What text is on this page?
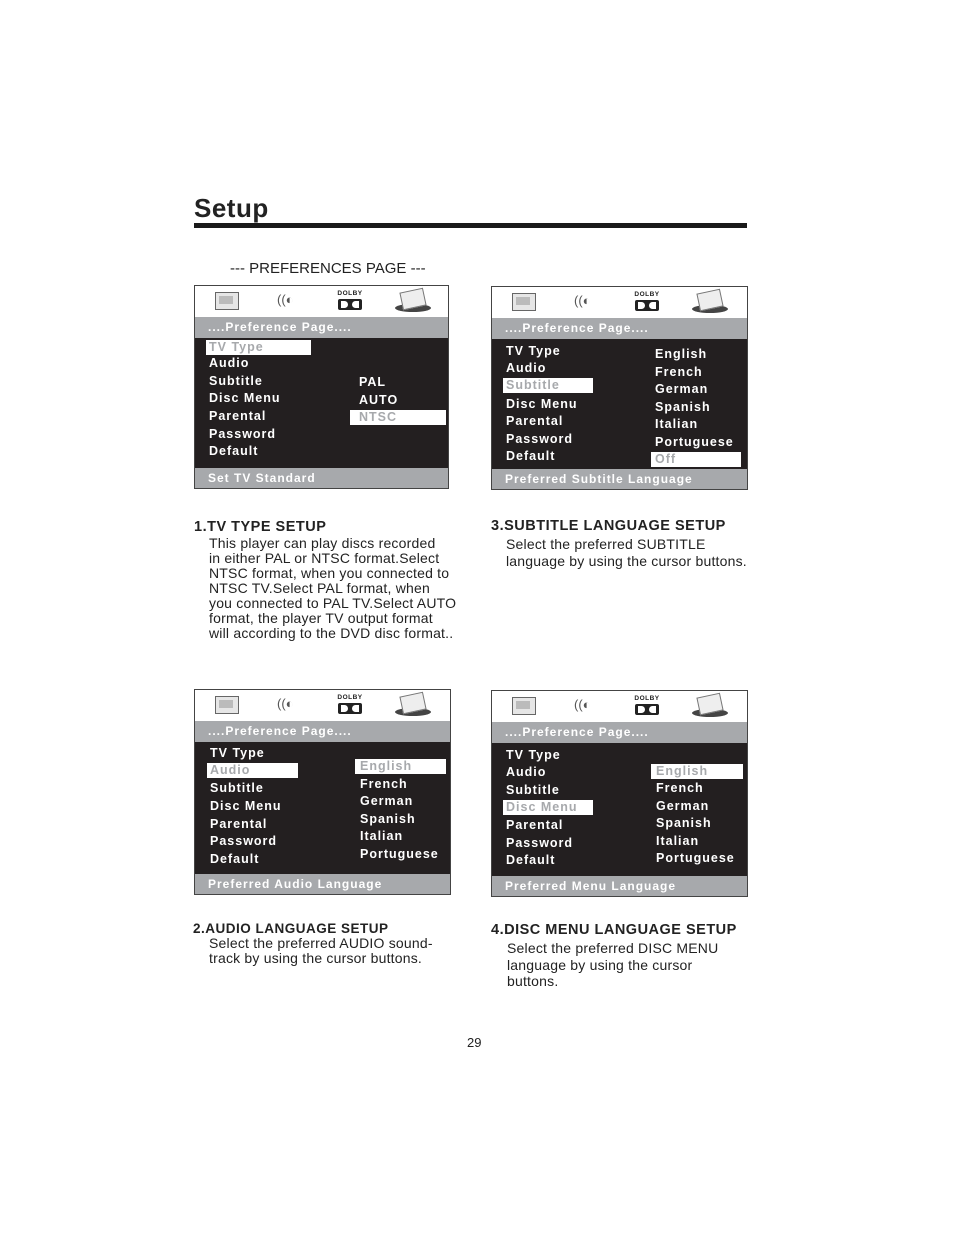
Setup
--- PREFERENCES PAGE ---
((◐	DOLBY
....Preference Page....
TV Type
Audio
Subtitle
Disc Menu
Parental
Password
Default
PAL
AUTO
NTSC
Set TV Standard
((◐	DOLBY
....Preference Page....
TV Type
Audio
Subtitle
Disc Menu
Parental
Password
Default
English
French
German
Spanish
Italian
Portuguese
Off
Preferred Subtitle Language
((◐	DOLBY
....Preference Page....
TV Type
Audio
Subtitle
Disc Menu
Parental
Password
Default
English
French
German
Spanish
Italian
Portuguese
Preferred Audio Language
((◐	DOLBY
....Preference Page....
TV Type
Audio
Subtitle
Disc Menu
Parental
Password
Default
English
French
German
Spanish
Italian
Portuguese
Preferred Menu Language
1.TV TYPE SETUP
This player can play discs recorded
in either PAL or NTSC format.Select
NTSC format, when you connected to
NTSC TV.Select PAL format, when
you connected to PAL TV.Select AUTO
format, the player TV output format
will according to the DVD disc format..
3.SUBTITLE LANGUAGE SETUP
Select the preferred SUBTITLE
language by using the cursor buttons.
2.AUDIO LANGUAGE SETUP
Select the preferred AUDIO sound-
track by using the cursor buttons.
4.DISC MENU LANGUAGE SETUP
Select the preferred DISC MENU
language by using the cursor
buttons.
29
